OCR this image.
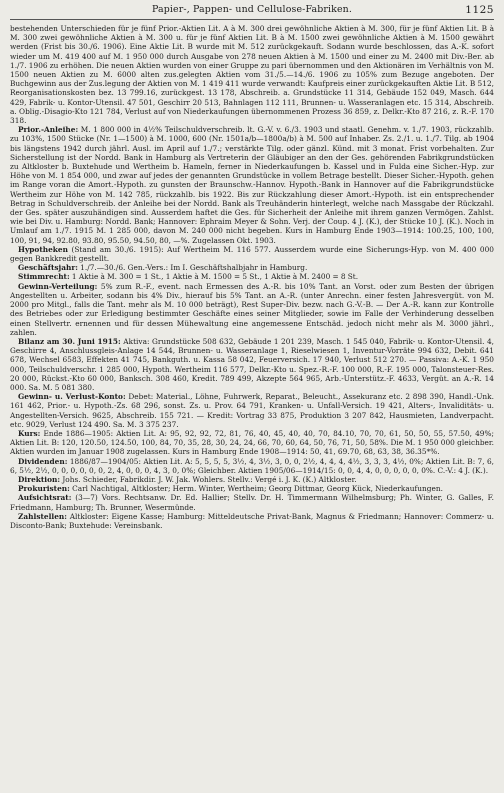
Papier-, Pappen- und Cellulose-Fabriken.	1125

bestehenden Unterschieden für je fünf Prior.-Aktien Lit. A à M. 300 drei gewöhnliche Aktien à M. 300, für je fünf Aktien Lit. B à M. 300 zwei gewöhnliche Aktien à M. 300 u. für je fünf Aktien Lit. B à M. 1500 zwei gewöhnliche Aktien à M. 1500 gewährt werden (Frist bis 30./6. 1906). Eine Aktie Lit. B wurde mit M. 512 zurückgekauft. Sodann wurde beschlossen, das A.-K. sofort wieder um M. 419 400 auf M. 1 950 000 durch Ausgabe von 278 neuen Aktien à M. 1500 und einer zu M. 2400 mit Div.-Ber. ab 1./7. 1906 zu erhöhen. Die neuen Aktien wurden von einer Gruppe zu pari übernommen und den Aktionären im Verhältnis von M. 1500 neuen Aktien zu M. 6000 alten zus.gelegten Aktien vom 31./5.—14./6. 1906 zu 105% zum Bezuge angeboten. Der Buchgewinn aus der Zus.legung der Aktien von M. 1 419 411 wurde verwandt: Kaufpreis einer zurückgekauften Aktie Lit. B 512, Reorganisationskosten bez. 13 799.16, zurückgest. 13 178, Abschreib. a. Grundstücke 11 314, Gebäude 152 049, Masch. 644 429, Fabrik- u. Kontor-Utensil. 47 501, Geschirr 20 513, Bahnlagen 112 111, Brunnen- u. Wasseranlagen etc. 15 314, Abschreib. a. Oblig.-Disagio-Kto 121 784, Verlust auf von Niederkaufungen übernommenen Prozess 36 859, z. Delkr.-Kto 87 216, z. R.-F. 170 318.

Prior.-Anleihe: M. 1 800 000 in 4½% Teilschuldverschreib. lt. G.-V. v. 6./3. 1903 und staatl. Genehm. v. 1./7. 1903, rückzahlb. zu 103%, 1500 Stücke (Nr. 1—1500) à M. 1000, 600 (Nr. 1501a/b—1800a/b) à M. 500 auf Inhaber. Zs. 2./1. u. 1./7. Tilg. ab 1904 bis längstens 1942 durch jährl. Ausl. im April auf 1./7.; verstärkte Tilg. oder gänzl. Künd. mit 3 monat. Frist vorbehalten. Zur Sicherstellung ist der Nordd. Bank in Hamburg als Vertreterin der Gläubiger an den der Ges. gehörenden Fabrikgrundstücken zu Altkloster b. Buxtehude und Wertheim b. Hameln, ferner in Niederkaufungen b. Kassel und in Fulda eine Sicher.-Hyp. zur Höhe von M. 1 854 000, und zwar auf jedes der genannten Grundstücke in vollem Betrage bestellt. Dieser Sicher.-Hypoth. gehen im Range voran die Amort.-Hypoth. zu gunsten der Braunschw.-Hannov. Hypoth.-Bank in Hannover auf die Fabrikgrundstücke Wertheim zur Höhe von M. 142 785, rückzahlb. bis 1922. Bis zur Rückzahlung dieser Amort.-Hypoth. ist ein entsprechender Betrag in Schuldverschreib. der Anleihe bei der Nordd. Bank als Treuhänderin hinterlegt, welche nach Massgabe der Rückzahl. der Ges. später auszuhändigen sind. Ausserdem haftet die Ges. für Sicherheit der Anleihe mit ihrem ganzen Vermögen. Zahlst. wie bei Div. u. Hamburg: Nordd. Bank; Hannover: Ephraim Meyer & Sohn. Verj. der Coup. 4 J. (K.), der Stücke 10 J. (K.). Noch in Umlauf am 1./7. 1915 M. 1 285 000, davon M. 240 000 nicht begeben. Kurs in Hamburg Ende 1903—1914: 100.25, 100, 100, 100, 91, 94, 92.80, 93.80, 95.50, 94.50, 80, —%. Zugelassen Okt. 1903.

Hypotheken (Stand am 30./6. 1915): Auf Wertheim M. 116 577. Ausserdem wurde eine Sicherungs-Hyp. von M. 400 000 gegen Bankkredit gestellt.

Geschäftsjahr: 1./7.—30./6. Gen.-Vers.: Im I. Geschäftshalbjahr in Hamburg.

Stimmrecht: 1 Aktie à M. 300 = 1 St., 1 Aktie à M. 1500 = 5 St., 1 Aktie à M. 2400 = 8 St.

Gewinn-Verteilung: 5% zum R.-F., event. nach Ermessen des A.-R. bis 10% Tant. an Vorst. oder zum Besten der übrigen Angestellten u. Arbeiter, sodann bis 4% Div., hierauf bis 5% Tant. an A.-R. (unter Anrechn. einer festen Jahresvergüt. von M. 2000 pro Mitgl., falls die Tant. mehr als M. 10 000 beträgt), Rest Super-Div. bezw. nach G.-V.-B. — Der A.-R. kann zur Kontrolle des Betriebes oder zur Erledigung bestimmter Geschäfte eines seiner Mitglieder, sowie im Falle der Verhinderung desselben einen Stellvertr. ernennen und für dessen Mühewaltung eine angemessene Entschäd. jedoch nicht mehr als M. 3000 jährl., zahlen.

Bilanz am 30. Juni 1915: Aktiva: Grundstücke 508 632, Gebäude 1 201 239, Masch. 1 545 040, Fabrik- u. Kontor-Utensil. 4, Geschirre 4, Anschlussgleis-Anlage 14 544, Brunnen- u. Wasseranlage 1, Rieselwiesen 1, Inventur-Vorräte 994 632, Debit. 641 678, Wechsel 6583, Effekten 41 745, Bankguth. u. Kassa 58 042, Feuerversich. 17 940, Verlust 512 270. — Passiva: A.-K. 1 950 000, Teilschuldverschr. 1 285 000, Hypoth. Wertheim 116 577, Delkr.-Kto u. Spez.-R.-F. 100 000, R.-F. 195 000, Talonsteuer-Res. 20 000, Rückst.-Kto 60 000, Banksch. 308 460, Kredit. 789 499, Akzepte 564 965, Arb.-Unterstütz.-F. 4633, Vergüt. an A.-R. 14 000. Sa. M. 5 081 380.

Gewinn- u. Verlust-Konto: Debet: Material., Löhne, Fuhrwerk, Reparat., Beleucht., Assekuranz etc. 2 898 390, Handl.-Unk. 161 462, Prior.- u. Hypoth.-Zs. 68 296, sonst. Zs. u. Prov. 64 791, Kranken- u. Unfall-Versich. 19 421, Alters-, Invaliditäts- u. Angestellten-Versich. 9625, Abschreib. 155 721. — Kredit: Vortrag 33 875, Produktion 3 207 842, Hausmieten, Landverpacht. etc. 9029, Verlust 124 490. Sa. M. 3 375 237.

Kurs: Ende 1886—1905: Aktien Lit. A: 95, 92, 92, 72, 81, 76, 40, 45, 40, 40, 70, 84.10, 70, 70, 61, 50, 50, 55, 57.50, 49%; Aktien Lit. B: 120, 120.50, 124.50, 100, 84, 70, 35, 28, 30, 24, 24, 66, 70, 60, 64, 50, 76, 71, 50, 58%. Die M. 1 950 000 gleichber. Aktien wurden im Januar 1908 zugelassen. Kurs in Hamburg Ende 1908—1914: 50, 41, 69.70, 68, 63, 38, 36.35*%.

Dividenden: 1886/87—1904/05: Aktien Lit. A: 5, 5, 5, 5, 3½, 4, 3½, 3, 0, 0, 2½, 4, 4, 4, 4½, 3, 3, 3, 4½, 0%; Aktien Lit. B: 7, 6, 6, 5½, 2½, 0, 0, 0, 0, 0, 0, 2, 4, 0, 0, 0, 4, 3, 0, 0%; Gleichber. Aktien 1905/06—1914/15: 0, 0, 4, 4, 0, 0, 0, 0, 0, 0%. C.-V.: 4 J. (K.).

Direktion: Johs. Schieder, Fabrikdir. J. W. Jak. Wohlers. Stellv.: Vergé i. J. K. (K.) Altkloster.

Prokuristen: Carl Nachtigal, Altkloster; Herm. Winter, Wertheim; Georg Dittmar, Georg Kück, Niederkaufungen.

Aufsichtsrat: (3—7) Vors. Rechtsanw. Dr. Ed. Hallier; Stellv. Dr. H. Timmermann Wilhelmsburg; Ph. Winter, G. Galles, F. Friedmann, Hamburg; Th. Brunner, Wesermünde.

Zahlstellen: Altkloster: Eigene Kasse; Hamburg: Mitteldeutsche Privat-Bank, Magnus & Friedmann; Hannover: Commerz- u. Disconto-Bank; Buxtehude: Vereinsbank.
